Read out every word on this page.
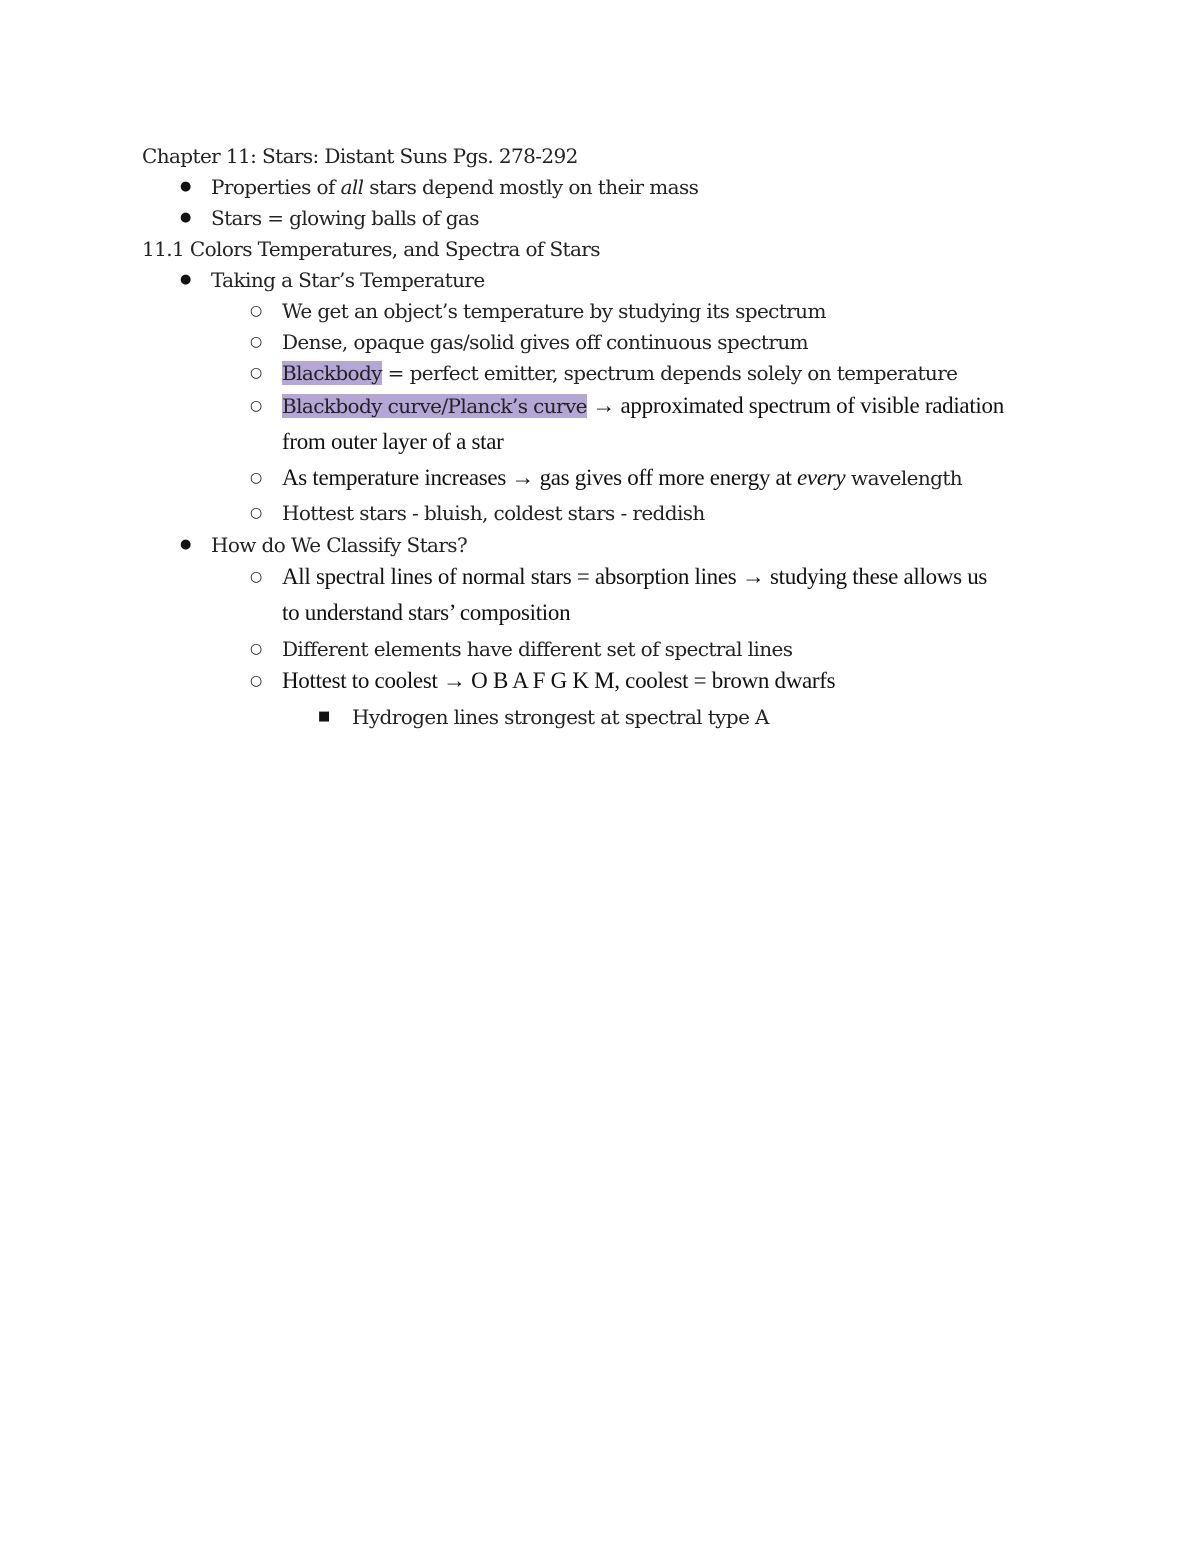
Chapter 11: Stars: Distant Suns Pgs. 278-292
● Properties of all stars depend mostly on their mass
● Stars = glowing balls of gas
11.1 Colors Temperatures, and Spectra of Stars
● Taking a Star’s Temperature
○ We get an object’s temperature by studying its spectrum
○ Dense, opaque gas/solid gives off continuous spectrum
○ Blackbody = perfect emitter, spectrum depends solely on temperature
○ Blackbody curve/Planck’s curve → approximated spectrum of visible radiation
from outer layer of a star
○ As temperature increases → gas gives off more energy at every wavelength
○ Hottest stars - bluish, coldest stars - reddish
● How do We Classify Stars?
○ All spectral lines of normal stars = absorption lines → studying these allows us
to understand stars’ composition
○ Different elements have different set of spectral lines
○ Hottest to coolest → O B A F G K M, coolest = brown dwarfs
■ Hydrogen lines strongest at spectral type A
